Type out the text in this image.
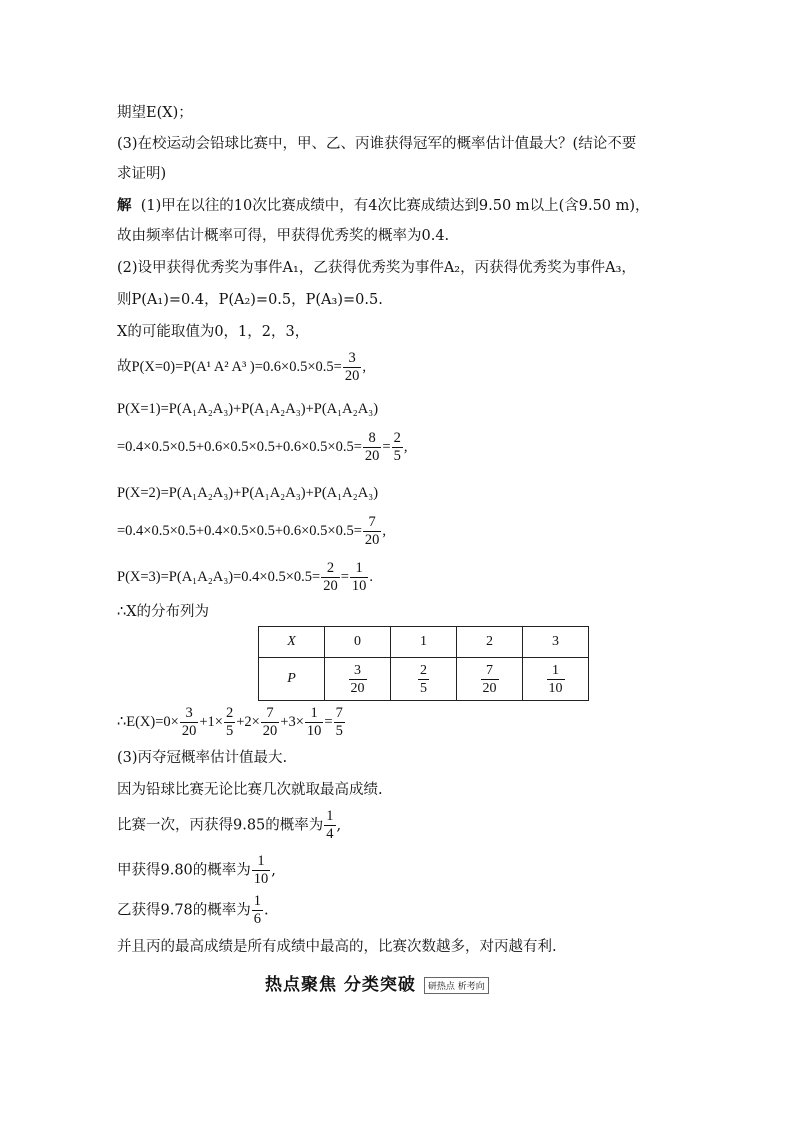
期望E(X)；
(3)在校运动会铅球比赛中，甲、乙、丙谁获得冠军的概率估计值最大？(结论不要
求证明)
解 (1)甲在以往的10次比赛成绩中，有4次比赛成绩达到9.50 m以上(含9.50 m)，
故由频率估计概率可得，甲获得优秀奖的概率为0.4.
(2)设甲获得优秀奖为事件A₁，乙获得优秀奖为事件A₂，丙获得优秀奖为事件A₃，
则P(A₁)=0.4，P(A₂)=0.5，P(A₃)=0.5.
X的可能取值为0，1，2，3，
故P(X=0)=P(A¹ A² A³ )$=0.6\times 0.5\times 0.5= \frac{3}{20}$ ,
P(X=1)=P(A₁A₂A₃)+P(A₁A₂A₃)+P(A₁A₂A₃)
$=0.4\times 0.5\times 0.5+0.6\times 0.5\times 0.5+0.6\times 0.5\times 0.5= \frac{8}{20} = \frac{2}{5}$ ,
P(X=2)=P(A₁A₂A₃)+P(A₁A₂A₃)+P(A₁A₂A₃)
$=0.4\times 0.5\times 0.5+0.4\times 0.5\times 0.5+0.6\times 0.5\times 0.5= \frac{7}{20}$ ,
$P(X=3)=P(A_1A_2A_3)=0.4\times 0.5\times 0.5= \frac{2}{20} = \frac{1}{10}$ .
∴X的分布列为
X	0	1	2	3
P	$\frac{3}{20}$	$\frac{2}{5}$	$\frac{7}{20}$	$\frac{1}{10}$
∴E(X)=0× $\frac{3}{20} +1\times \frac{2}{5} +2\times \frac{7}{20} +3\times \frac{1}{10} = \frac{7}{5}$
(3)丙夺冠概率估计值最大.
因为铅球比赛无论比赛几次就取最高成绩.
比赛一次，丙获得9.85的概率为 $\frac{1}{4}$ ,
甲获得9.80的概率为 $\frac{1}{10}$ ,
乙获得9.78的概率为 $\frac{1}{6}$ .
并且丙的最高成绩是所有成绩中最高的，比赛次数越多，对丙越有利.
热点聚焦 分类突破 研热点 析考向
